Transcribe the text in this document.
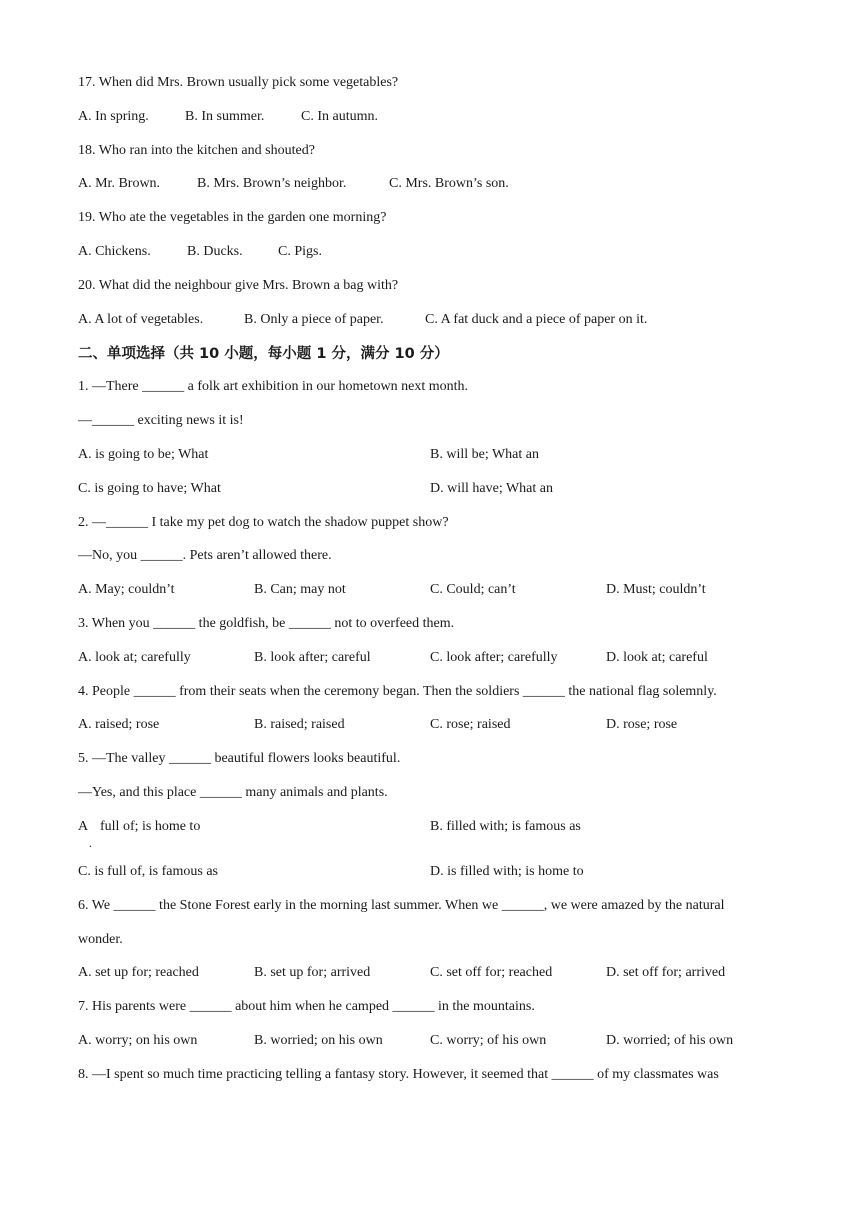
17. When did Mrs. Brown usually pick some vegetables?
A. In spring.	B. In summer.	C. In autumn.
18. Who ran into the kitchen and shouted?
A. Mr. Brown.	B. Mrs. Brown’s neighbor.	C. Mrs. Brown’s son.
19. Who ate the vegetables in the garden one morning?
A. Chickens.	B. Ducks.	C. Pigs.
20. What did the neighbour give Mrs. Brown a bag with?
A. A lot of vegetables.	B. Only a piece of paper.	C. A fat duck and a piece of paper on it.
二、单项选择（共 10 小题，每小题 1 分，满分 10 分）
1. —There ______ a folk art exhibition in our hometown next month.
—______ exciting news it is!
A. is going to be; What	B. will be; What an
C. is going to have; What	D. will have; What an
2. —______ I take my pet dog to watch the shadow puppet show?
—No, you ______. Pets aren’t allowed there.
A. May; couldn’t	B. Can; may not	C. Could; can’t	D. Must; couldn’t
3. When you ______ the goldfish, be ______ not to overfeed them.
A. look at; carefully	B. look after; careful	C. look after; carefully	D. look at; careful
4. People ______ from their seats when the ceremony began. Then the soldiers ______ the national flag solemnly.
A. raised; rose	B. raised; raised	C. rose; raised	D. rose; rose
5. —The valley ______ beautiful flowers looks beautiful.
—Yes, and this place ______ many animals and plants.
A
.
full of; is home to	B. filled with; is famous as
C. is full of, is famous as	D. is filled with; is home to
6. We ______ the Stone Forest early in the morning last summer. When we ______, we were amazed by the natural
wonder.
A. set up for; reached	B. set up for; arrived	C. set off for; reached	D. set off for; arrived
7. His parents were ______ about him when he camped ______ in the mountains.
A. worry; on his own	B. worried; on his own	C. worry; of his own	D. worried; of his own
8. —I spent so much time practicing telling a fantasy story. However, it seemed that ______ of my classmates was
